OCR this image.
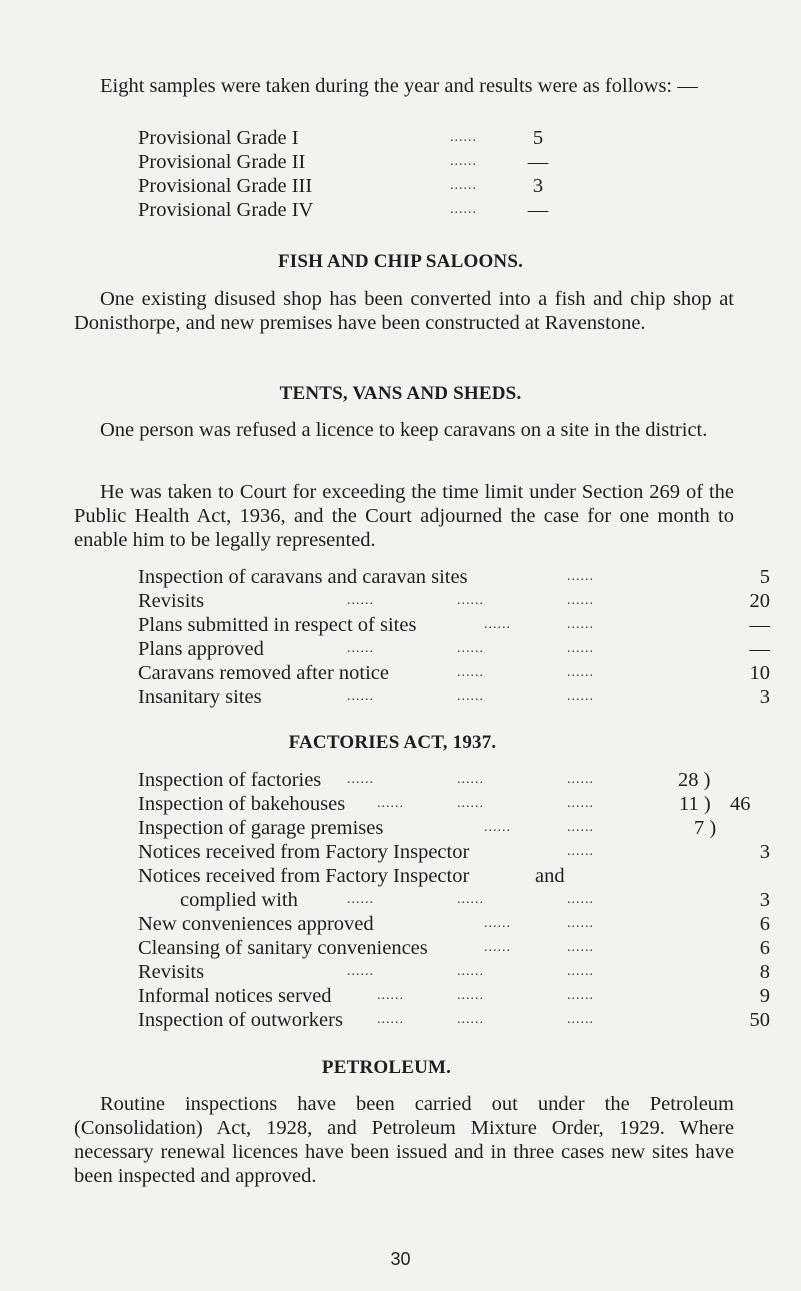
Eight samples were taken during the year and results were as follows: —

Provisional Grade I	......	5
Provisional Grade II	......	—
Provisional Grade III	......	3
Provisional Grade IV	......	—
FISH AND CHIP SALOONS.

One existing disused shop has been converted into a fish and chip shop at Donisthorpe, and new premises have been constructed at Ravenstone.

TENTS, VANS AND SHEDS.

One person was refused a licence to keep caravans on a site in the district.

He was taken to Court for exceeding the time limit under Section 269 of the Public Health Act, 1936, and the Court adjourned the case for one month to enable him to be legally represented.

Inspection of caravans and caravan sites	......	5
Revisits	......	......	......	20
Plans submitted in respect of sites	......	......	—
Plans approved	......	......	......	—
Caravans removed after notice	......	......	10
Insanitary sites	......	......	......	3
FACTORIES ACT, 1937.
Inspection of factories ......	......	......	28 )
Inspection of bakehouses ......	......	......	11 ) 46
Inspection of garage premises	......	......	7 )
Notices received from Factory Inspector	......	3
Notices received from Factory Inspector	and
complied with	......	......	......	3
New conveniences approved	......	......	6
Cleansing of sanitary conveniences	......	......	6
Revisits	......	......	......	8
Informal notices served	......	......	......	9
Inspection of outworkers ......	......	......	50
PETROLEUM.

Routine inspections have been carried out under the Petroleum (Consolidation) Act, 1928, and Petroleum Mixture Order, 1929. Where necessary renewal licences have been issued and in three cases new sites have been inspected and approved.

30
